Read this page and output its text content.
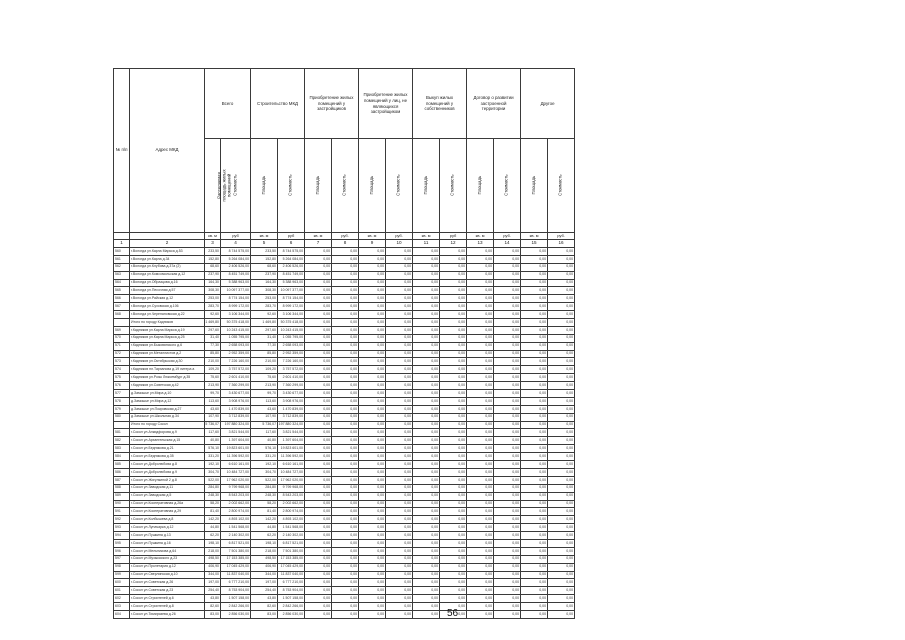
№ п\п	Адрес МКД	Всего		Строительство МКД		Приобретение жилых помещений у застройщиков		Приобретение жилых помещений у лиц, не являющихся застройщиком		Выкуп жилых помещений у собственников		Договор о развитии застроенной территории		Другое	

		Расселяемая площадь жилых помещений	Стоимость	Площадь	Стоимость	Площадь	Стоимость	Площадь	Стоимость	Площадь	Стоимость	Площадь	Стоимость	Площадь	Стоимость
		кв. м	руб	кв. м	руб	кв. м	руб.	кв. м	руб.	кв. м	руб	кв. м	руб.	кв. м	руб.
1	2	3	4	5	6	7	8	9	10	11	12	13	14	15	16
560	г.Вологда ул.Карла Маркса д.53	233,50	8 744 575,00	233,50	8 744 575,00	0,00	0,00	0,00	0,00	0,00	0,00	0,00	0,00	0,00	0,00
561	г.Вологда ул.Карла д.34	152,80	5 264 084,00	152,80	5 264 084,00	0,00	0,00	0,00	0,00	0,00	0,00	0,00	0,00	0,00	0,00
562	г.Вологда ул.Клубова д.37а (2)	68,60	2 406 526,00	68,60	2 406 526,00	0,00	0,00	0,00	0,00	0,00	0,00	0,00	0,00	0,00	0,00
563	г.Вологда ул.Комсомольская д.12	237,90	8 451 749,00	237,90	8 451 749,00	0,00	0,00	0,00	0,00	0,00	0,00	0,00	0,00	0,00	0,00
564	г.Вологда ул.Образцова д.16	164,30	5 388 963,00	164,30	5 388 963,00	0,00	0,00	0,00	0,00	0,00	0,00	0,00	0,00	0,00	0,00
565	г.Вологда ул.Песочная д.57	308,30	10 097 377,00	308,30	10 097 377,00	0,00	0,00	0,00	0,00	0,00	0,00	0,00	0,00	0,00	0,00
566	г.Вологда ул.Райская д.12	253,00	8 774 154,00	253,00	8 774 154,00	0,00	0,00	0,00	0,00	0,00	0,00	0,00	0,00	0,00	0,00
567	г.Вологда ул.Суховская д.106	283,70	8 999 172,00	283,70	8 999 172,00	0,00	0,00	0,00	0,00	0,00	0,00	0,00	0,00	0,00	0,00
568	г.Вологда ул.Черепановская д.22	92,60	3 106 344,00	92,60	3 106 344,00	0,00	0,00	0,00	0,00	0,00	0,00	0,00	0,00	0,00	0,00
	Итого по городу Кадников	1 469,80	50 375 418,00	1 469,80	50 375 418,00	0,00	0,00	0,00	0,00	0,00	0,00	0,00	0,00	0,00	0,00
569	г.Кадников ул.Карла Маркса д.19	297,60	10 243 415,00	297,60	10 243 415,00	0,00	0,00	0,00	0,00	0,00	0,00	0,00	0,00	0,00	0,00
570	г.Кадников ул.Карла Маркса д.25	31,40	1 055 795,00	31,40	1 055 795,00	0,00	0,00	0,00	0,00	0,00	0,00	0,00	0,00	0,00	0,00
571	г.Кадников ул.Быковянского д.6	77,30	2 658 093,00	77,30	2 658 093,00	0,00	0,00	0,00	0,00	0,00	0,00	0,00	0,00	0,00	0,00
572	г.Кадников ул.Металлистов д.2	85,80	2 952 359,00	85,80	2 952 359,00	0,00	0,00	0,00	0,00	0,00	0,00	0,00	0,00	0,00	0,00
573	г.Кадников ул.Октябрьская д.30	210,00	7 226 160,00	210,00	7 226 160,00	0,00	0,00	0,00	0,00	0,00	0,00	0,00	0,00	0,00	0,00
574	г.Кадников пл.Тарханова д.19 литера а	109,20	3 757 572,00	109,20	3 757 572,00	0,00	0,00	0,00	0,00	0,00	0,00	0,00	0,00	0,00	0,00
575	г.Кадников ул.Розы Люксембург д.35	75,60	2 601 410,00	75,60	2 601 410,00	0,00	0,00	0,00	0,00	0,00	0,00	0,00	0,00	0,00	0,00
576	г.Кадников ул.Советская д.42	213,90	7 360 299,00	213,90	7 360 299,00	0,00	0,00	0,00	0,00	0,00	0,00	0,00	0,00	0,00	0,00
577	д.Замошье ул.Мира д.10	99,70	3 430 677,00	99,70	3 430 677,00	0,00	0,00	0,00	0,00	0,00	0,00	0,00	0,00	0,00	0,00
578	д.Замошье ул.Мира д.12	113,60	3 908 976,00	113,60	3 908 976,00	0,00	0,00	0,00	0,00	0,00	0,00	0,00	0,00	0,00	0,00
579	д.Замошье ул.Покровская д.27	43,60	1 470 839,00	43,60	1 470 839,00	0,00	0,00	0,00	0,00	0,00	0,00	0,00	0,00	0,00	0,00
580	д.Замошье ул.Школьная д.34	107,90	3 712 839,00	107,90	3 712 839,00	0,00	0,00	0,00	0,00	0,00	0,00	0,00	0,00	0,00	0,00
	Итого по городу Сокол	5 736,07	197 880 324,00	5 736,07	197 880 324,00	0,00	0,00	0,00	0,00	0,00	0,00	0,00	0,00	0,00	0,00
581	г.Сокол ул.Алкидфорова д.9	117,60	3 821 544,00	117,60	3 821 544,00	0,00	0,00	0,00	0,00	0,00	0,00	0,00	0,00	0,00	0,00
582	г.Сокол ул.Архангельская д.15	40,80	1 397 604,00	40,80	1 397 604,00	0,00	0,00	0,00	0,00	0,00	0,00	0,00	0,00	0,00	0,00
583	г.Сокол ул.Беднякова д.21	576,10	19 823 601,00	576,10	19 823 601,00	0,00	0,00	0,00	0,00	0,00	0,00	0,00	0,00	0,00	0,00
584	г.Сокол ул.Беднякова д.35	331,20	11 396 592,00	331,20	11 396 592,00	0,00	0,00	0,00	0,00	0,00	0,00	0,00	0,00	0,00	0,00
585	г.Сокол ул.Добролюбова д.8	192,10	6 610 161,00	192,10	6 610 161,00	0,00	0,00	0,00	0,00	0,00	0,00	0,00	0,00	0,00	0,00
586	г.Сокол ул.Добролюбова д.9	304,70	10 484 727,00	304,70	10 484 727,00	0,00	0,00	0,00	0,00	0,00	0,00	0,00	0,00	0,00	0,00
587	г.Сокол ул.Жигулкиной 2 д.8	522,00	17 962 020,00	522,00	17 962 020,00	0,00	0,00	0,00	0,00	0,00	0,00	0,00	0,00	0,00	0,00
588	г.Сокол ул.Заводская д.11	284,80	9 799 968,00	284,80	9 799 968,00	0,00	0,00	0,00	0,00	0,00	0,00	0,00	0,00	0,00	0,00
589	г.Сокол ул.Заводская д.5	248,30	8 543 203,00	248,30	8 543 203,00	0,00	0,00	0,00	0,00	0,00	0,00	0,00	0,00	0,00	0,00
590	г.Сокол ул.Кооперативная д.26а	58,20	2 002 662,00	58,20	2 002 662,00	0,00	0,00	0,00	0,00	0,00	0,00	0,00	0,00	0,00	0,00
591	г.Сокол ул.Кооперативная д.29	81,40	2 800 974,00	81,40	2 800 974,00	0,00	0,00	0,00	0,00	0,00	0,00	0,00	0,00	0,00	0,00
592	г.Сокол ул.Колбышева д.8	142,20	4 893 102,00	142,20	4 893 102,00	0,00	0,00	0,00	0,00	0,00	0,00	0,00	0,00	0,00	0,00
593	г.Сокол ул.Луначарка д.12	44,80	1 541 568,00	44,80	1 541 568,00	0,00	0,00	0,00	0,00	0,00	0,00	0,00	0,00	0,00	0,00
594	г.Сокол ул.Пушкина д.13	62,20	2 140 302,00	62,20	2 140 302,00	0,00	0,00	0,00	0,00	0,00	0,00	0,00	0,00	0,00	0,00
595	г.Сокол ул.Пушкина д.16	198,10	6 817 521,00	198,10	6 817 521,00	0,00	0,00	0,00	0,00	0,00	0,00	0,00	0,00	0,00	0,00
596	г.Сокол ул.Мельникова д.64	218,00	7 501 380,00	218,00	7 501 380,00	0,00	0,00	0,00	0,00	0,00	0,00	0,00	0,00	0,00	0,00
597	г.Сокол ул.Музыкаского д.23	498,50	17 153 385,00	498,50	17 153 385,00	0,00	0,00	0,00	0,00	0,00	0,00	0,00	0,00	0,00	0,00
598	г.Сокол ул.Пролетария д.12	406,90	17 045 429,00	406,90	17 045 429,00	0,00	0,00	0,00	0,00	0,00	0,00	0,00	0,00	0,00	0,00
599	г.Сокол ул.Сверлинская д.10	344,00	11 837 040,00	344,00	11 837 040,00	0,00	0,00	0,00	0,00	0,00	0,00	0,00	0,00	0,00	0,00
600	г.Сокол ул.Советская д.26	197,00	6 777 210,00	197,00	6 777 210,00	0,00	0,00	0,00	0,00	0,00	0,00	0,00	0,00	0,00	0,00
601	г.Сокол ул.Советская д.23	254,40	8 753 904,00	254,40	8 753 904,00	0,00	0,00	0,00	0,00	0,00	0,00	0,00	0,00	0,00	0,00
602	г.Сокол ул.Строителей д.6	43,80	1 507 158,00	43,80	1 507 158,00	0,00	0,00	0,00	0,00	0,00	0,00	0,00	0,00	0,00	0,00
603	г.Сокол ул.Строителей д.8	82,60	2 842 266,00	82,60	2 842 266,00	0,00	0,00	0,00	0,00	0,00	0,00	0,00	0,00	0,00	0,00
604	г.Сокол ул.Тимирязева д.26	83,00	2 856 030,00	83,00	2 856 030,00	0,00	0,00	0,00	0,00	0,00	0,00	0,00	0,00	0,00	0,00
56
